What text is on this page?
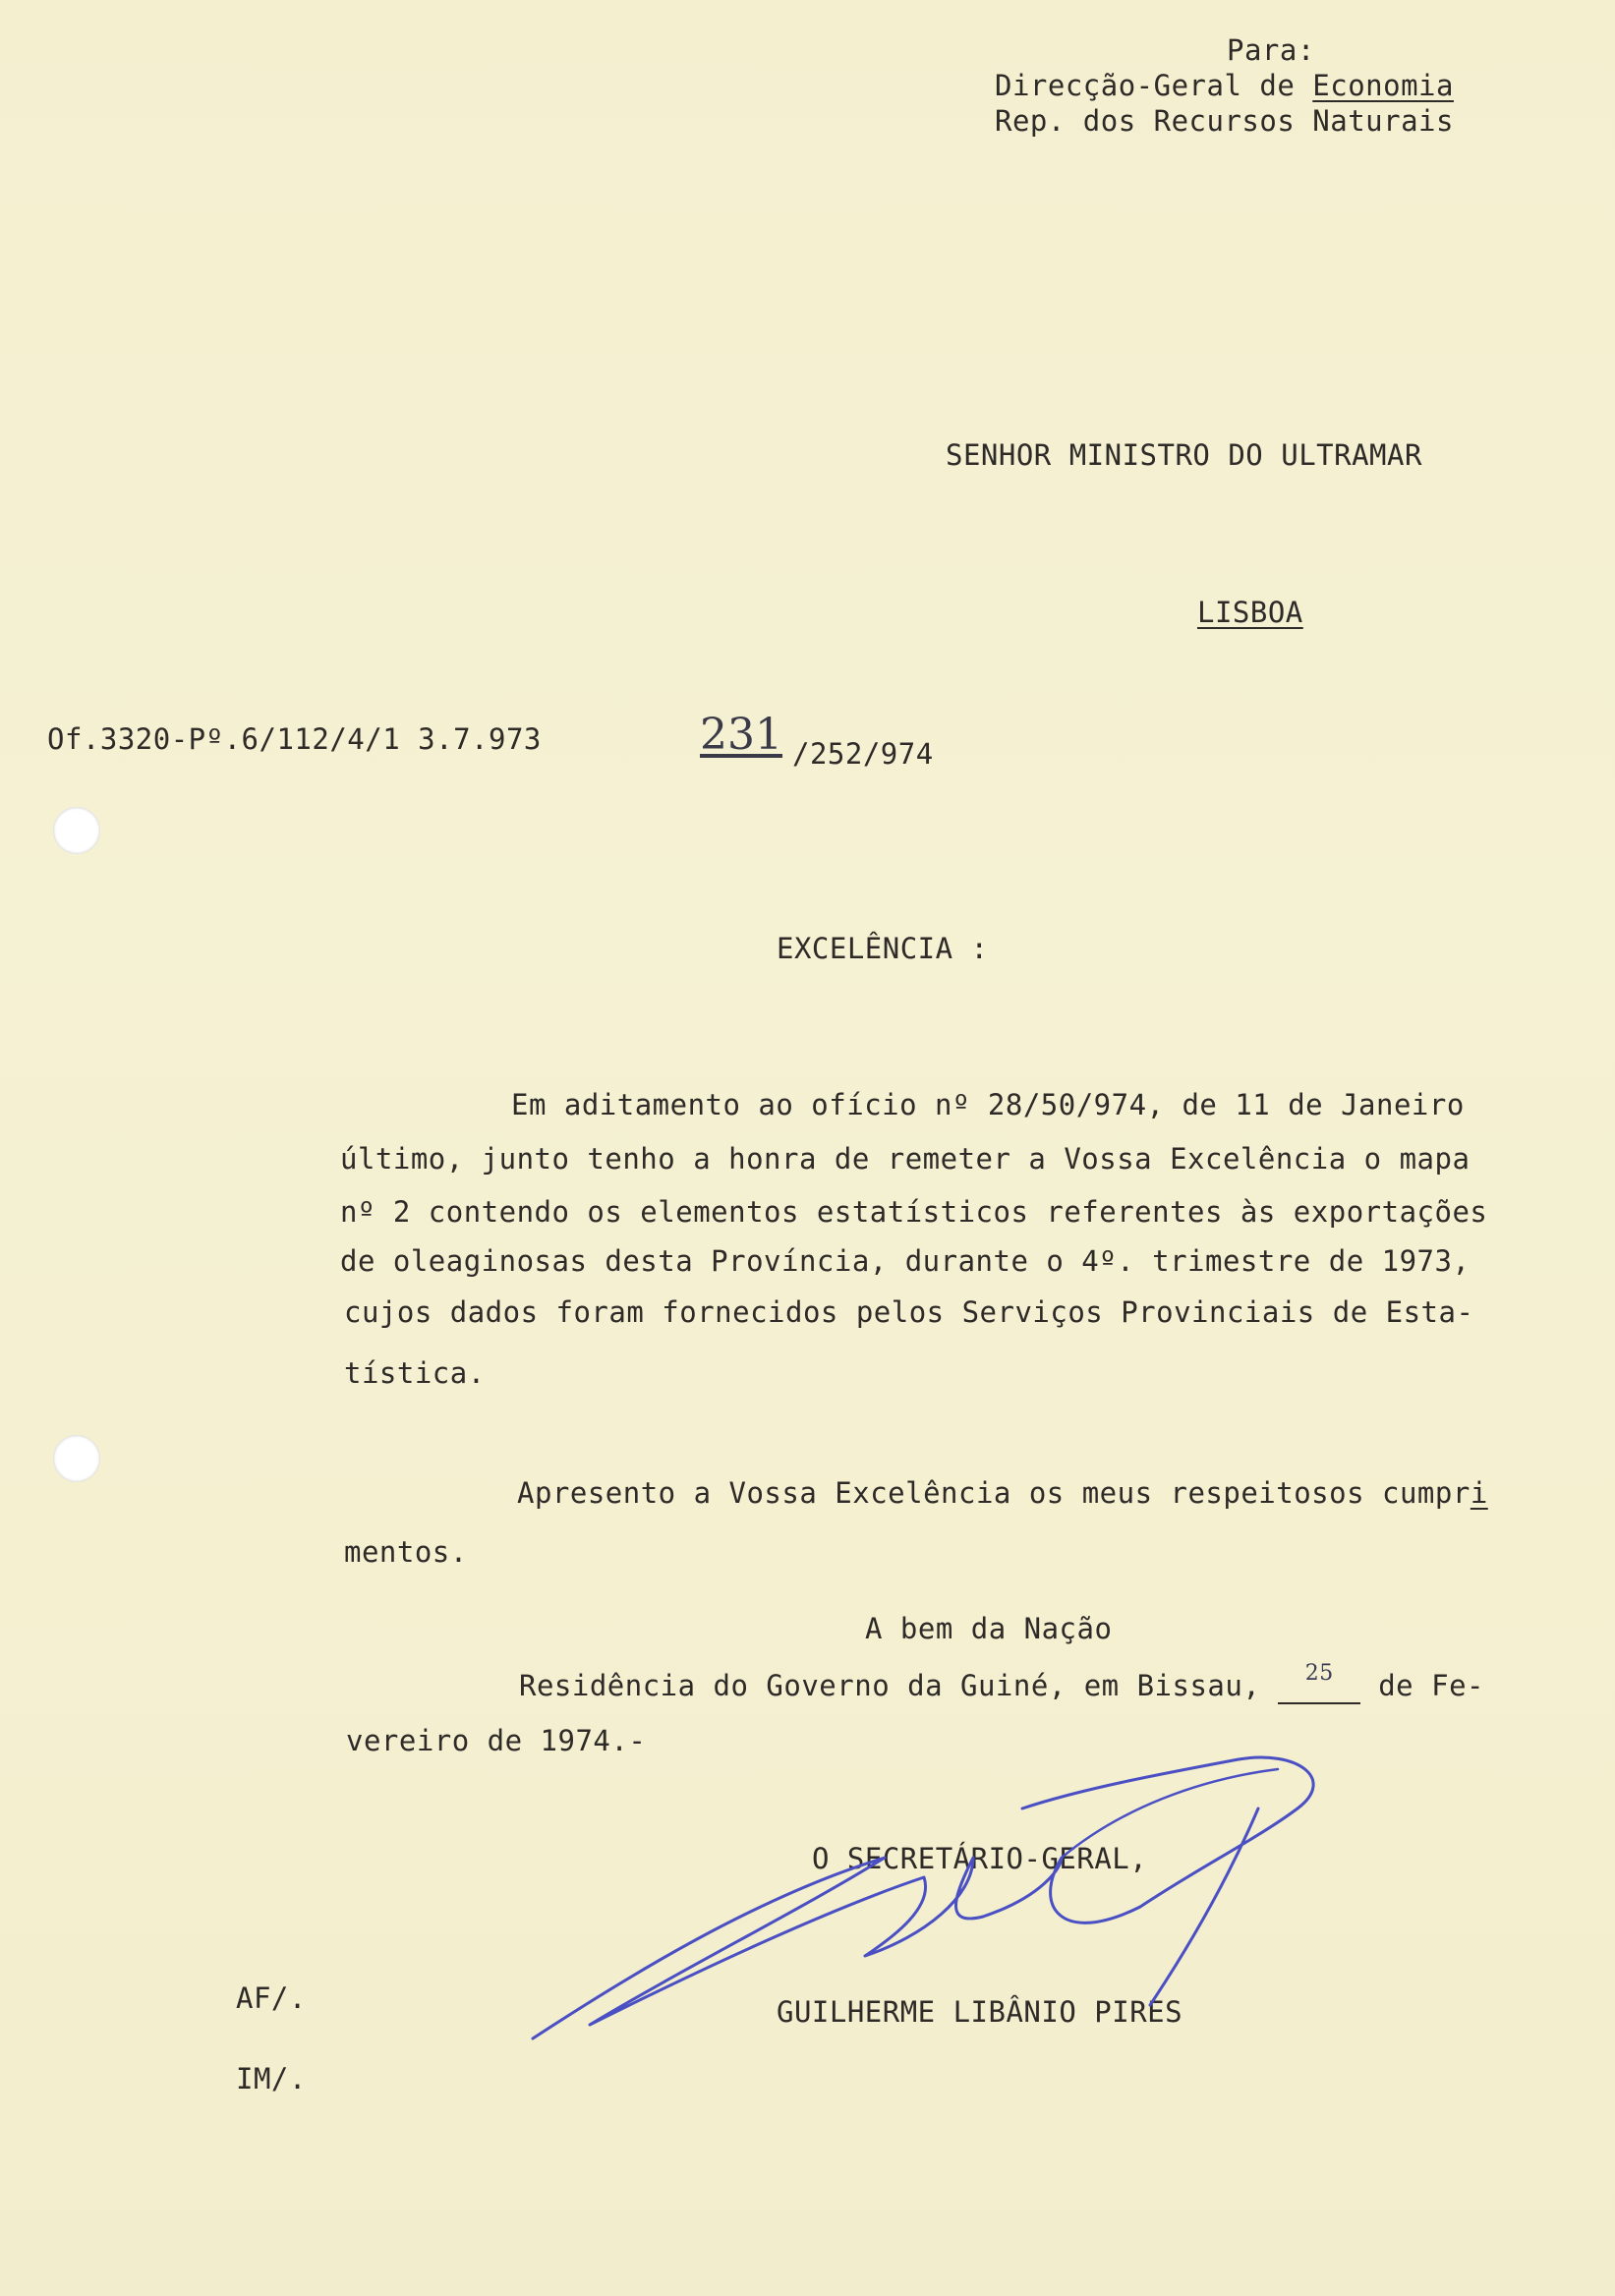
Para:
Direcção-Geral de Economia
Rep. dos Recursos Naturais
SENHOR MINISTRO DO ULTRAMAR
LISBOA
Of.3320-Pº.6/112/4/1 3.7.973	231 /252/974
EXCELÊNCIA :
Em aditamento ao ofício nº 28/50/974, de 11 de Janeiro
último, junto tenho a honra de remeter a Vossa Excelência o mapa
nº 2 contendo os elementos estatísticos referentes às exportações
de oleaginosas desta Província, durante o 4º. trimestre de 1973,
cujos dados foram fornecidos pelos Serviços Provinciais de Esta-
tística.
Apresento a Vossa Excelência os meus respeitosos cumpri
mentos.
A bem da Nação
Residência do Governo da Guiné, em Bissau, $^{25}$ de Fe-
vereiro de 1974.-
O SECRETÁRIO-GERAL,
GUILHERME LIBÂNIO PIRES
AF/.
IM/.
